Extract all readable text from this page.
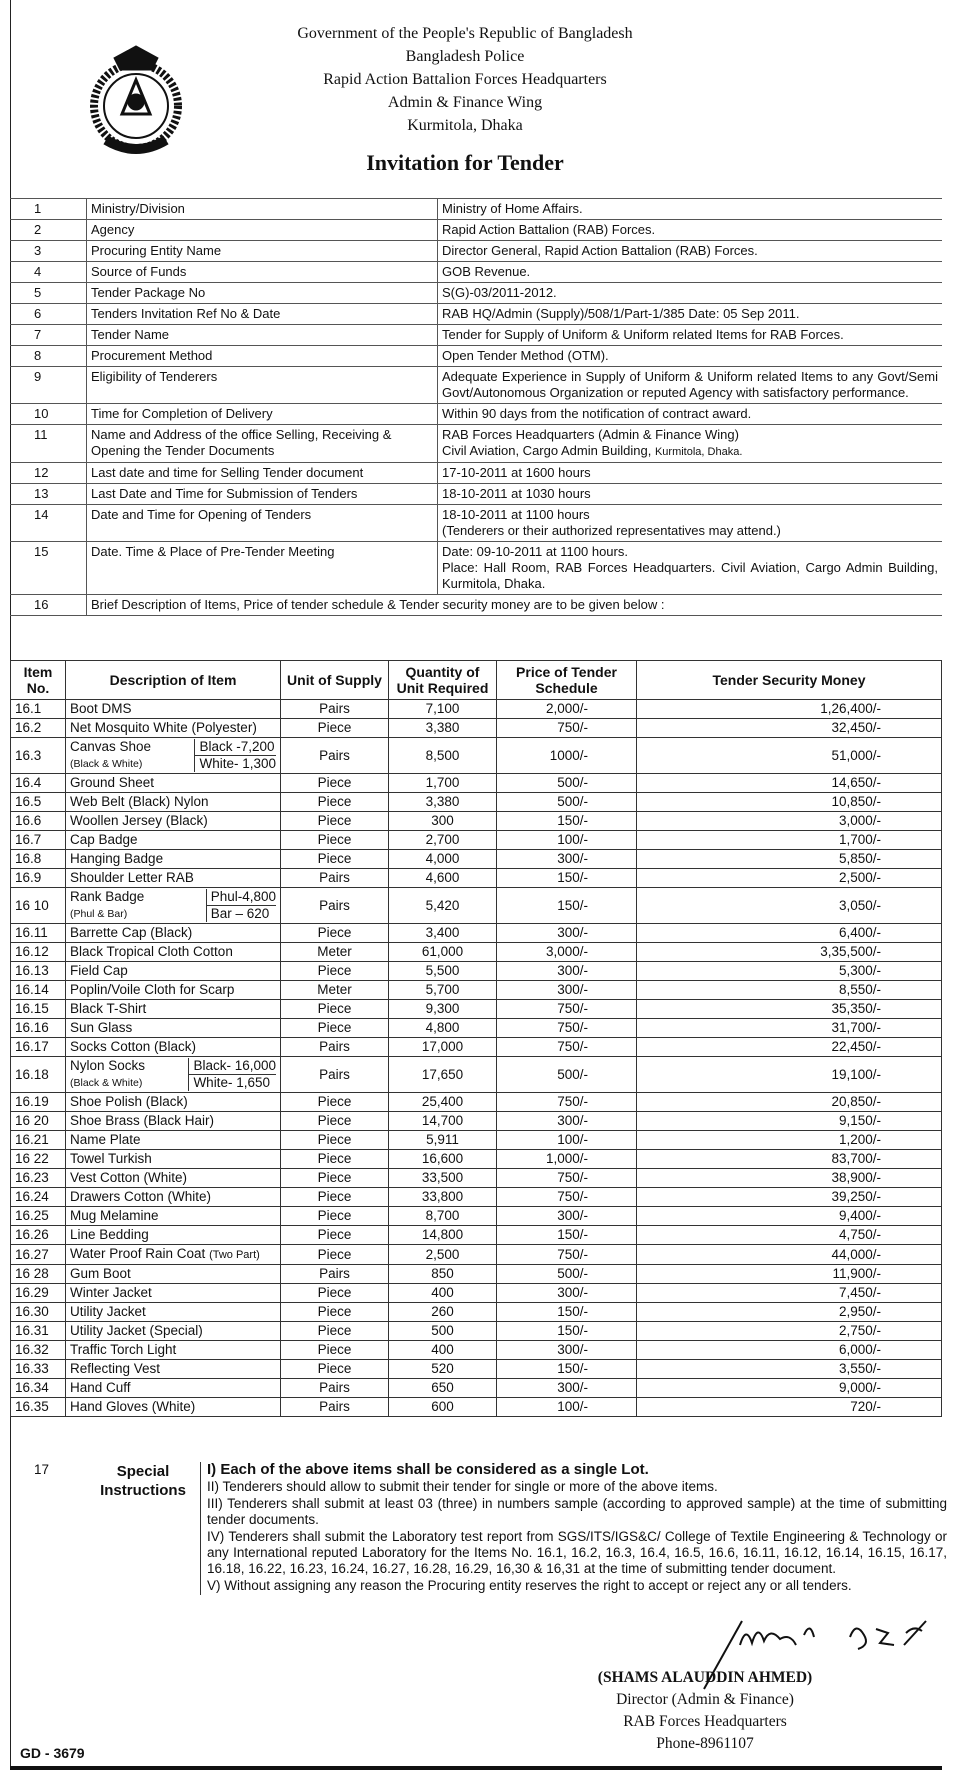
Government of the People's Republic of Bangladesh
Bangladesh Police
Rapid Action Battalion Forces Headquarters
Admin & Finance Wing
Kurmitola, Dhaka
Invitation for Tender
1	Ministry/Division	Ministry of Home Affairs.

2	Agency	Rapid Action Battalion (RAB) Forces.

3	Procuring Entity Name	Director General, Rapid Action Battalion (RAB) Forces.

4	Source of Funds	GOB Revenue.

5	Tender Package No	S(G)-03/2011-2012.

6	Tenders Invitation Ref No & Date	RAB HQ/Admin (Supply)/508/1/Part-1/385 Date: 05 Sep 2011.

7	Tender Name	Tender for Supply of Uniform & Uniform related Items for RAB Forces.

8	Procurement Method	Open Tender Method (OTM).

9	Eligibility of Tenderers	Adequate Experience in Supply of Uniform & Uniform related Items to any Govt/Semi Govt/Autonomous Organization or reputed Agency with satisfactory performance.

10	Time for Completion of Delivery	Within 90 days from the notification of contract award.

11	Name and Address of the office Selling, Receiving & Opening the Tender Documents	RAB Forces Headquarters (Admin & Finance Wing)
Civil Aviation, Cargo Admin Building, Kurmitola, Dhaka.

12	Last date and time for Selling Tender document	17-10-2011 at 1600 hours

13	Last Date and Time for Submission of Tenders	18-10-2011 at 1030 hours

14	Date and Time for Opening of Tenders	18-10-2011 at 1100 hours
(Tenderers or their authorized representatives may attend.)

15	Date. Time & Place of Pre-Tender Meeting	Date: 09-10-2011 at 1100 hours.
Place: Hall Room, RAB Forces Headquarters. Civil Aviation, Cargo Admin Building, Kurmitola, Dhaka.

16	Brief Description of Items, Price of tender schedule & Tender security money are to be given below :	
Item No.	Description of Item	Unit of Supply	Quantity of Unit Required	Price of Tender Schedule	Tender Security Money
16.1	Boot DMS	Pairs	7,100	2,000/-	1,26,400/-
16.2	Net Mosquito White (Polyester)	Piece	3,380	750/-	32,450/-
16.3	Canvas Shoe
(Black & White)
Black -7,200
White- 1,300	Pairs	8,500	1000/-	51,000/-
16.4	Ground Sheet	Piece	1,700	500/-	14,650/-
16.5	Web Belt (Black) Nylon	Piece	3,380	500/-	10,850/-
16.6	Woollen Jersey (Black)	Piece	300	150/-	3,000/-
16.7	Cap Badge	Piece	2,700	100/-	1,700/-
16.8	Hanging Badge	Piece	4,000	300/-	5,850/-
16.9	Shoulder Letter RAB	Pairs	4,600	150/-	2,500/-
16 10	Rank Badge
(Phul & Bar)
Phul-4,800
Bar – 620	Pairs	5,420	150/-	3,050/-
16.11	Barrette Cap (Black)	Piece	3,400	300/-	6,400/-
16.12	Black Tropical Cloth Cotton	Meter	61,000	3,000/-	3,35,500/-
16.13	Field Cap	Piece	5,500	300/-	5,300/-
16.14	Poplin/Voile Cloth for Scarp	Meter	5,700	300/-	8,550/-
16.15	Black T-Shirt	Piece	9,300	750/-	35,350/-
16.16	Sun Glass	Piece	4,800	750/-	31,700/-
16.17	Socks Cotton (Black)	Pairs	17,000	750/-	22,450/-
16.18	Nylon Socks
(Black & White)
Black- 16,000
White- 1,650	Pairs	17,650	500/-	19,100/-
16.19	Shoe Polish (Black)	Piece	25,400	750/-	20,850/-
16 20	Shoe Brass (Black Hair)	Piece	14,700	300/-	9,150/-
16.21	Name Plate	Piece	5,911	100/-	1,200/-
16 22	Towel Turkish	Piece	16,600	1,000/-	83,700/-
16.23	Vest Cotton (White)	Piece	33,500	750/-	38,900/-
16.24	Drawers Cotton (White)	Piece	33,800	750/-	39,250/-
16.25	Mug Melamine	Piece	8,700	300/-	9,400/-
16.26	Line Bedding	Piece	14,800	150/-	4,750/-
16.27	Water Proof Rain Coat (Two Part)	Piece	2,500	750/-	44,000/-
16 28	Gum Boot	Pairs	850	500/-	11,900/-
16.29	Winter Jacket	Piece	400	300/-	7,450/-
16.30	Utility Jacket	Piece	260	150/-	2,950/-
16.31	Utility Jacket (Special)	Piece	500	150/-	2,750/-
16.32	Traffic Torch Light	Piece	400	300/-	6,000/-
16.33	Reflecting Vest	Piece	520	150/-	3,550/-
16.34	Hand Cuff	Pairs	650	300/-	9,000/-
16.35	Hand Gloves (White)	Pairs	600	100/-	720/-
17	Special Instructions

I) Each of the above items shall be considered as a single Lot.

II) Tenderers should allow to submit their tender for single or more of the above items.

III) Tenderers shall submit at least 03 (three) in numbers sample (according to approved sample) at the time of submitting tender documents.

IV) Tenderers shall submit the Laboratory test report from SGS/ITS/IGS&C/ College of Textile Engineering & Technology or any International reputed Laboratory for the Items No. 16.1, 16.2, 16.3, 16.4, 16.5, 16.6, 16.11, 16.12, 16.14, 16.15, 16.17, 16.18, 16.22, 16.23, 16.24, 16.27, 16.28, 16.29, 16,30 & 16,31 at the time of submitting tender document.

V) Without assigning any reason the Procuring entity reserves the right to accept or reject any or all tenders.

(SHAMS ALAUDDIN AHMED)
Director (Admin & Finance)
RAB Forces Headquarters
Phone-8961107
GD - 3679
